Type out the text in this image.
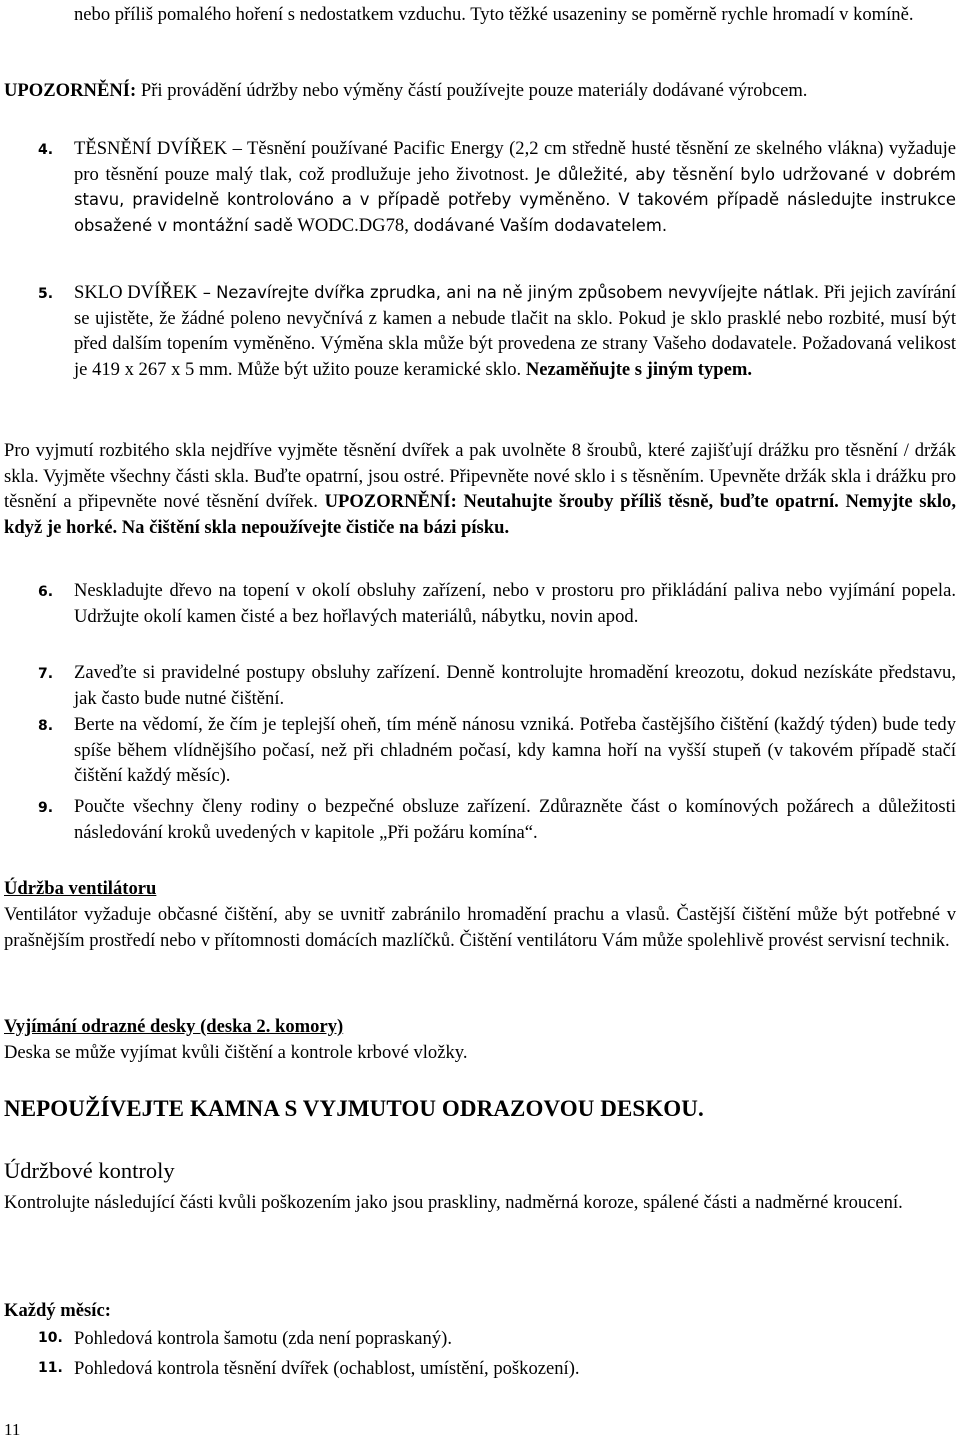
nebo příliš pomalého hoření s nedostatkem vzduchu. Tyto těžké usazeniny se poměrně rychle hromadí v komíně.
UPOZORNĚNÍ: Při provádění údržby nebo výměny částí používejte pouze materiály dodávané výrobcem.
4. TĚSNĚNÍ DVÍŘEK – Těsnění používané Pacific Energy (2,2 cm středně husté těsnění ze skelného vlákna) vyžaduje pro těsnění pouze malý tlak, což prodlužuje jeho životnost. Je důležité, aby těsnění bylo udržované v dobrém stavu, pravidelně kontrolováno a v případě potřeby vyměněno. V takovém případě následujte instrukce obsažené v montážní sadě WODC.DG78, dodávané Vaším dodavatelem.
5. SKLO DVÍŘEK – Nezavírejte dvířka zprudka, ani na ně jiným způsobem nevyvíjejte nátlak. Při jejich zavírání se ujistěte, že žádné poleno nevyčnívá z kamen a nebude tlačit na sklo. Pokud je sklo prasklé nebo rozbité, musí být před dalším topením vyměněno. Výměna skla může být provedena ze strany Vašeho dodavatele. Požadovaná velikost je 419 x 267 x 5 mm. Může být užito pouze keramické sklo. Nezaměňujte s jiným typem.
Pro vyjmutí rozbitého skla nejdříve vyjměte těsnění dvířek a pak uvolněte 8 šroubů, které zajišťují drážku pro těsnění / držák skla. Vyjměte všechny části skla. Buďte opatrní, jsou ostré. Připevněte nové sklo i s těsněním. Upevněte držák skla i drážku pro těsnění a připevněte nové těsnění dvířek. UPOZORNĚNÍ: Neutahujte šrouby příliš těsně, buďte opatrní. Nemyjte sklo, když je horké. Na čištění skla nepoužívejte čističe na bázi písku.
6. Neskladujte dřevo na topení v okolí obsluhy zařízení, nebo v prostoru pro přikládání paliva nebo vyjímání popela. Udržujte okolí kamen čisté a bez hořlavých materiálů, nábytku, novin apod.
7. Zaveďte si pravidelné postupy obsluhy zařízení. Denně kontrolujte hromadění kreozotu, dokud nezískáte představu, jak často bude nutné čištění.
8. Berte na vědomí, že čím je teplejší oheň, tím méně nánosu vzniká. Potřeba častějšího čištění (každý týden) bude tedy spíše během vlídnějšího počasí, než při chladném počasí, kdy kamna hoří na vyšší stupeň (v takovém případě stačí čištění každý měsíc).
9. Poučte všechny členy rodiny o bezpečné obsluze zařízení. Zdůrazněte část o komínových požárech a důležitosti následování kroků uvedených v kapitole „Při požáru komína“.
Údržba ventilátoru
Ventilátor vyžaduje občasné čištění, aby se uvnitř zabránilo hromadění prachu a vlasů. Častější čištění může být potřebné v prašnějším prostředí nebo v přítomnosti domácích mazlíčků. Čištění ventilátoru Vám může spolehlivě provést servisní technik.
Vyjímání odrazné desky (deska 2. komory)
Deska se může vyjímat kvůli čištění a kontrole krbové vložky.
NEPOUŽÍVEJTE KAMNA S VYJMUTOU ODRAZOVOU DESKOU.
Údržbové kontroly
Kontrolujte následující části kvůli poškozením jako jsou praskliny, nadměrná koroze, spálené části a nadměrné kroucení.
Každý měsíc:
10. Pohledová kontrola šamotu (zda není popraskaný).
11. Pohledová kontrola těsnění dvířek (ochablost, umístění, poškození).
11
